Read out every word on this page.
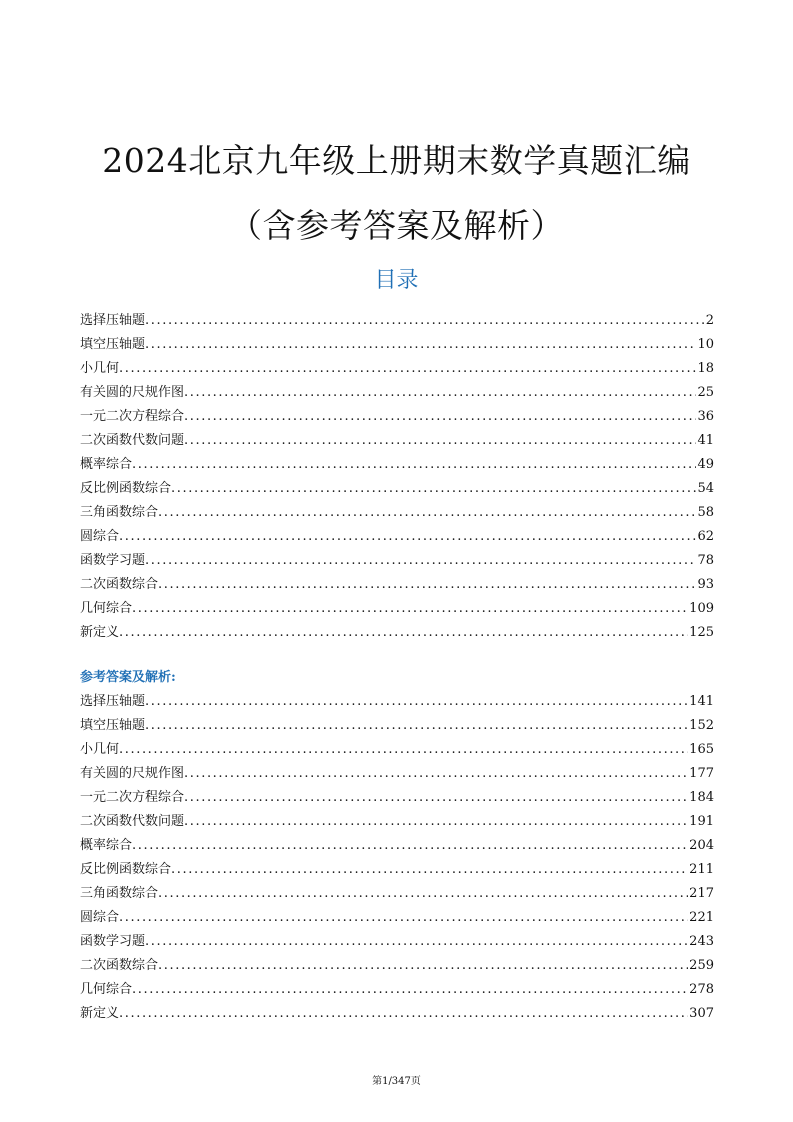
2024北京九年级上册期末数学真题汇编
（含参考答案及解析）
目录
选择压轴题 .....	2
填空压轴题 .....	10
小几何 .....	18
有关圆的尺规作图 .....	25
一元二次方程综合 .....	36
二次函数代数问题 .....	41
概率综合 .....	49
反比例函数综合 .....	54
三角函数综合 .....	58
圆综合 .....	62
函数学习题 .....	78
二次函数综合 .....	93
几何综合 .....	109
新定义 .....	125
参考答案及解析:
选择压轴题 .....	141
填空压轴题 .....	152
小几何 .....	165
有关圆的尺规作图 .....	177
一元二次方程综合 .....	184
二次函数代数问题 .....	191
概率综合 .....	204
反比例函数综合 .....	211
三角函数综合 .....	217
圆综合 .....	221
函数学习题 .....	243
二次函数综合 .....	259
几何综合 .....	278
新定义 .....	307
第1/347页
